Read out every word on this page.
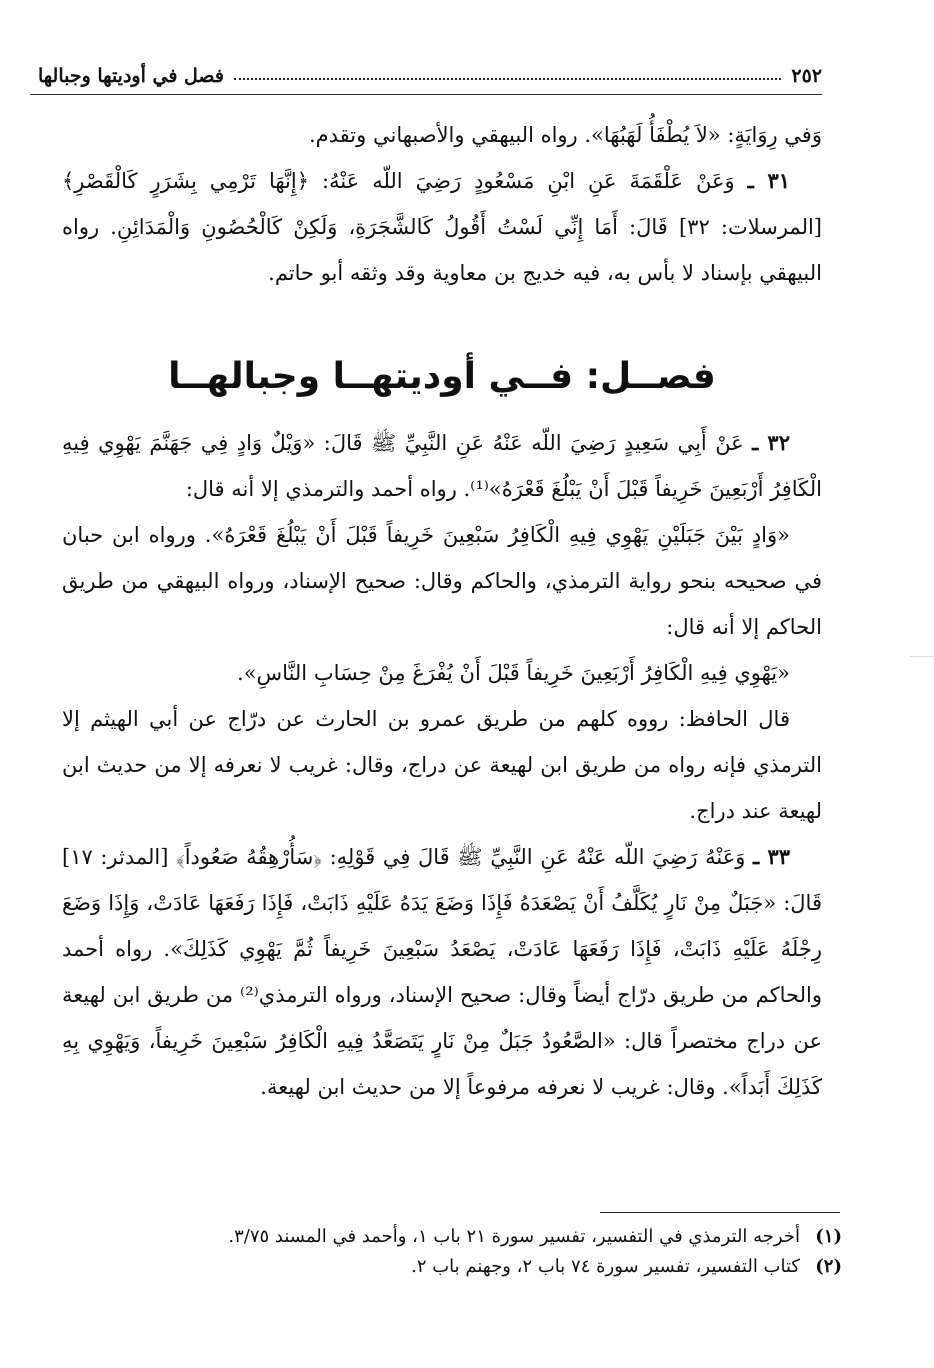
٢٥٢
فصل في أوديتها وجبالها

وَفي رِوَايَةٍ: «لاَ يُطْفَأُ لَهَبُهَا». رواه البيهقي والأصبهاني وتقدم.

٣١ ـ وَعَنْ عَلْقَمَةَ عَنِ ابْنِ مَسْعُودٍ رَضِيَ اللّه عَنْهُ: ﴿إِنَّهَا تَرْمِي بِشَرَرٍ كَالْقَصْرِ﴾ [المرسلات: ٣٢] قَالَ: أَمَا إِنِّي لَسْتُ أَقُولُ كَالشَّجَرَةِ، وَلَكِنْ كَالْحُصُونِ وَالْمَدَائِنِ. رواه البيهقي بإسناد لا بأس به، فيه خديج بن معاوية وقد وثقه أبو حاتم.

فصــل: فــي أوديتهــا وجبالهــا

٣٢ ـ عَنْ أَبِي سَعِيدٍ رَضِيَ اللّه عَنْهُ عَنِ النَّبِيِّ ﷺ قَالَ: «وَيْلٌ وَادٍ فِي جَهَنَّمَ يَهْوِي فِيهِ الْكَافِرُ أَرْبَعِينَ خَرِيفاً قَبْلَ أَنْ يَبْلُغَ قَعْرَهُ»⁽¹⁾. رواه أحمد والترمذي إلا أنه قال:

«وَادٍ بَيْنَ جَبَلَيْنِ يَهْوِي فِيهِ الْكَافِرُ سَبْعِينَ خَرِيفاً قَبْلَ أَنْ يَبْلُغَ قَعْرَهُ». ورواه ابن حبان في صحيحه بنحو رواية الترمذي، والحاكم وقال: صحيح الإسناد، ورواه البيهقي من طريق الحاكم إلا أنه قال:

«يَهْوِي فِيهِ الْكَافِرُ أَرْبَعِينَ خَرِيفاً قَبْلَ أَنْ يُفْرَغَ مِنْ حِسَابِ النَّاسِ».

قال الحافظ: رووه كلهم من طريق عمرو بن الحارث عن درّاج عن أبي الهيثم إلا الترمذي فإنه رواه من طريق ابن لهيعة عن دراج، وقال: غريب لا نعرفه إلا من حديث ابن لهيعة عند دراج.

٣٣ ـ وَعَنْهُ رَضِيَ اللّه عَنْهُ عَنِ النَّبِيِّ ﷺ قَالَ فِي قَوْلِهِ: ﴿سَأُرْهِقُهُ صَعُوداً﴾ [المدثر: ١٧] قَالَ: «جَبَلٌ مِنْ نَارٍ يُكَلَّفُ أَنْ يَصْعَدَهُ فَإِذَا وَضَعَ يَدَهُ عَلَيْهِ ذَابَتْ، فَإِذَا رَفَعَهَا عَادَتْ، وَإِذَا وَضَعَ رِجْلَهُ عَلَيْهِ ذَابَتْ، فَإِذَا رَفَعَهَا عَادَتْ، يَصْعَدُ سَبْعِينَ خَرِيفاً ثُمَّ يَهْوِي كَذَلِكَ». رواه أحمد والحاكم من طريق درّاج أيضاً وقال: صحيح الإسناد، ورواه الترمذي⁽²⁾ من طريق ابن لهيعة عن دراج مختصراً قال: «الصَّعُودُ جَبَلٌ مِنْ نَارٍ يَتَصَعَّدُ فِيهِ الْكَافِرُ سَبْعِينَ خَرِيفاً، وَيَهْوِي بِهِ كَذَلِكَ أَبَداً». وقال: غريب لا نعرفه مرفوعاً إلا من حديث ابن لهيعة.

(١)
أخرجه الترمذي في التفسير، تفسير سورة ٢١ باب ١، وأحمد في المسند ٣/٧٥.
(٢)
كتاب التفسير، تفسير سورة ٧٤ باب ٢، وجهنم باب ٢.
